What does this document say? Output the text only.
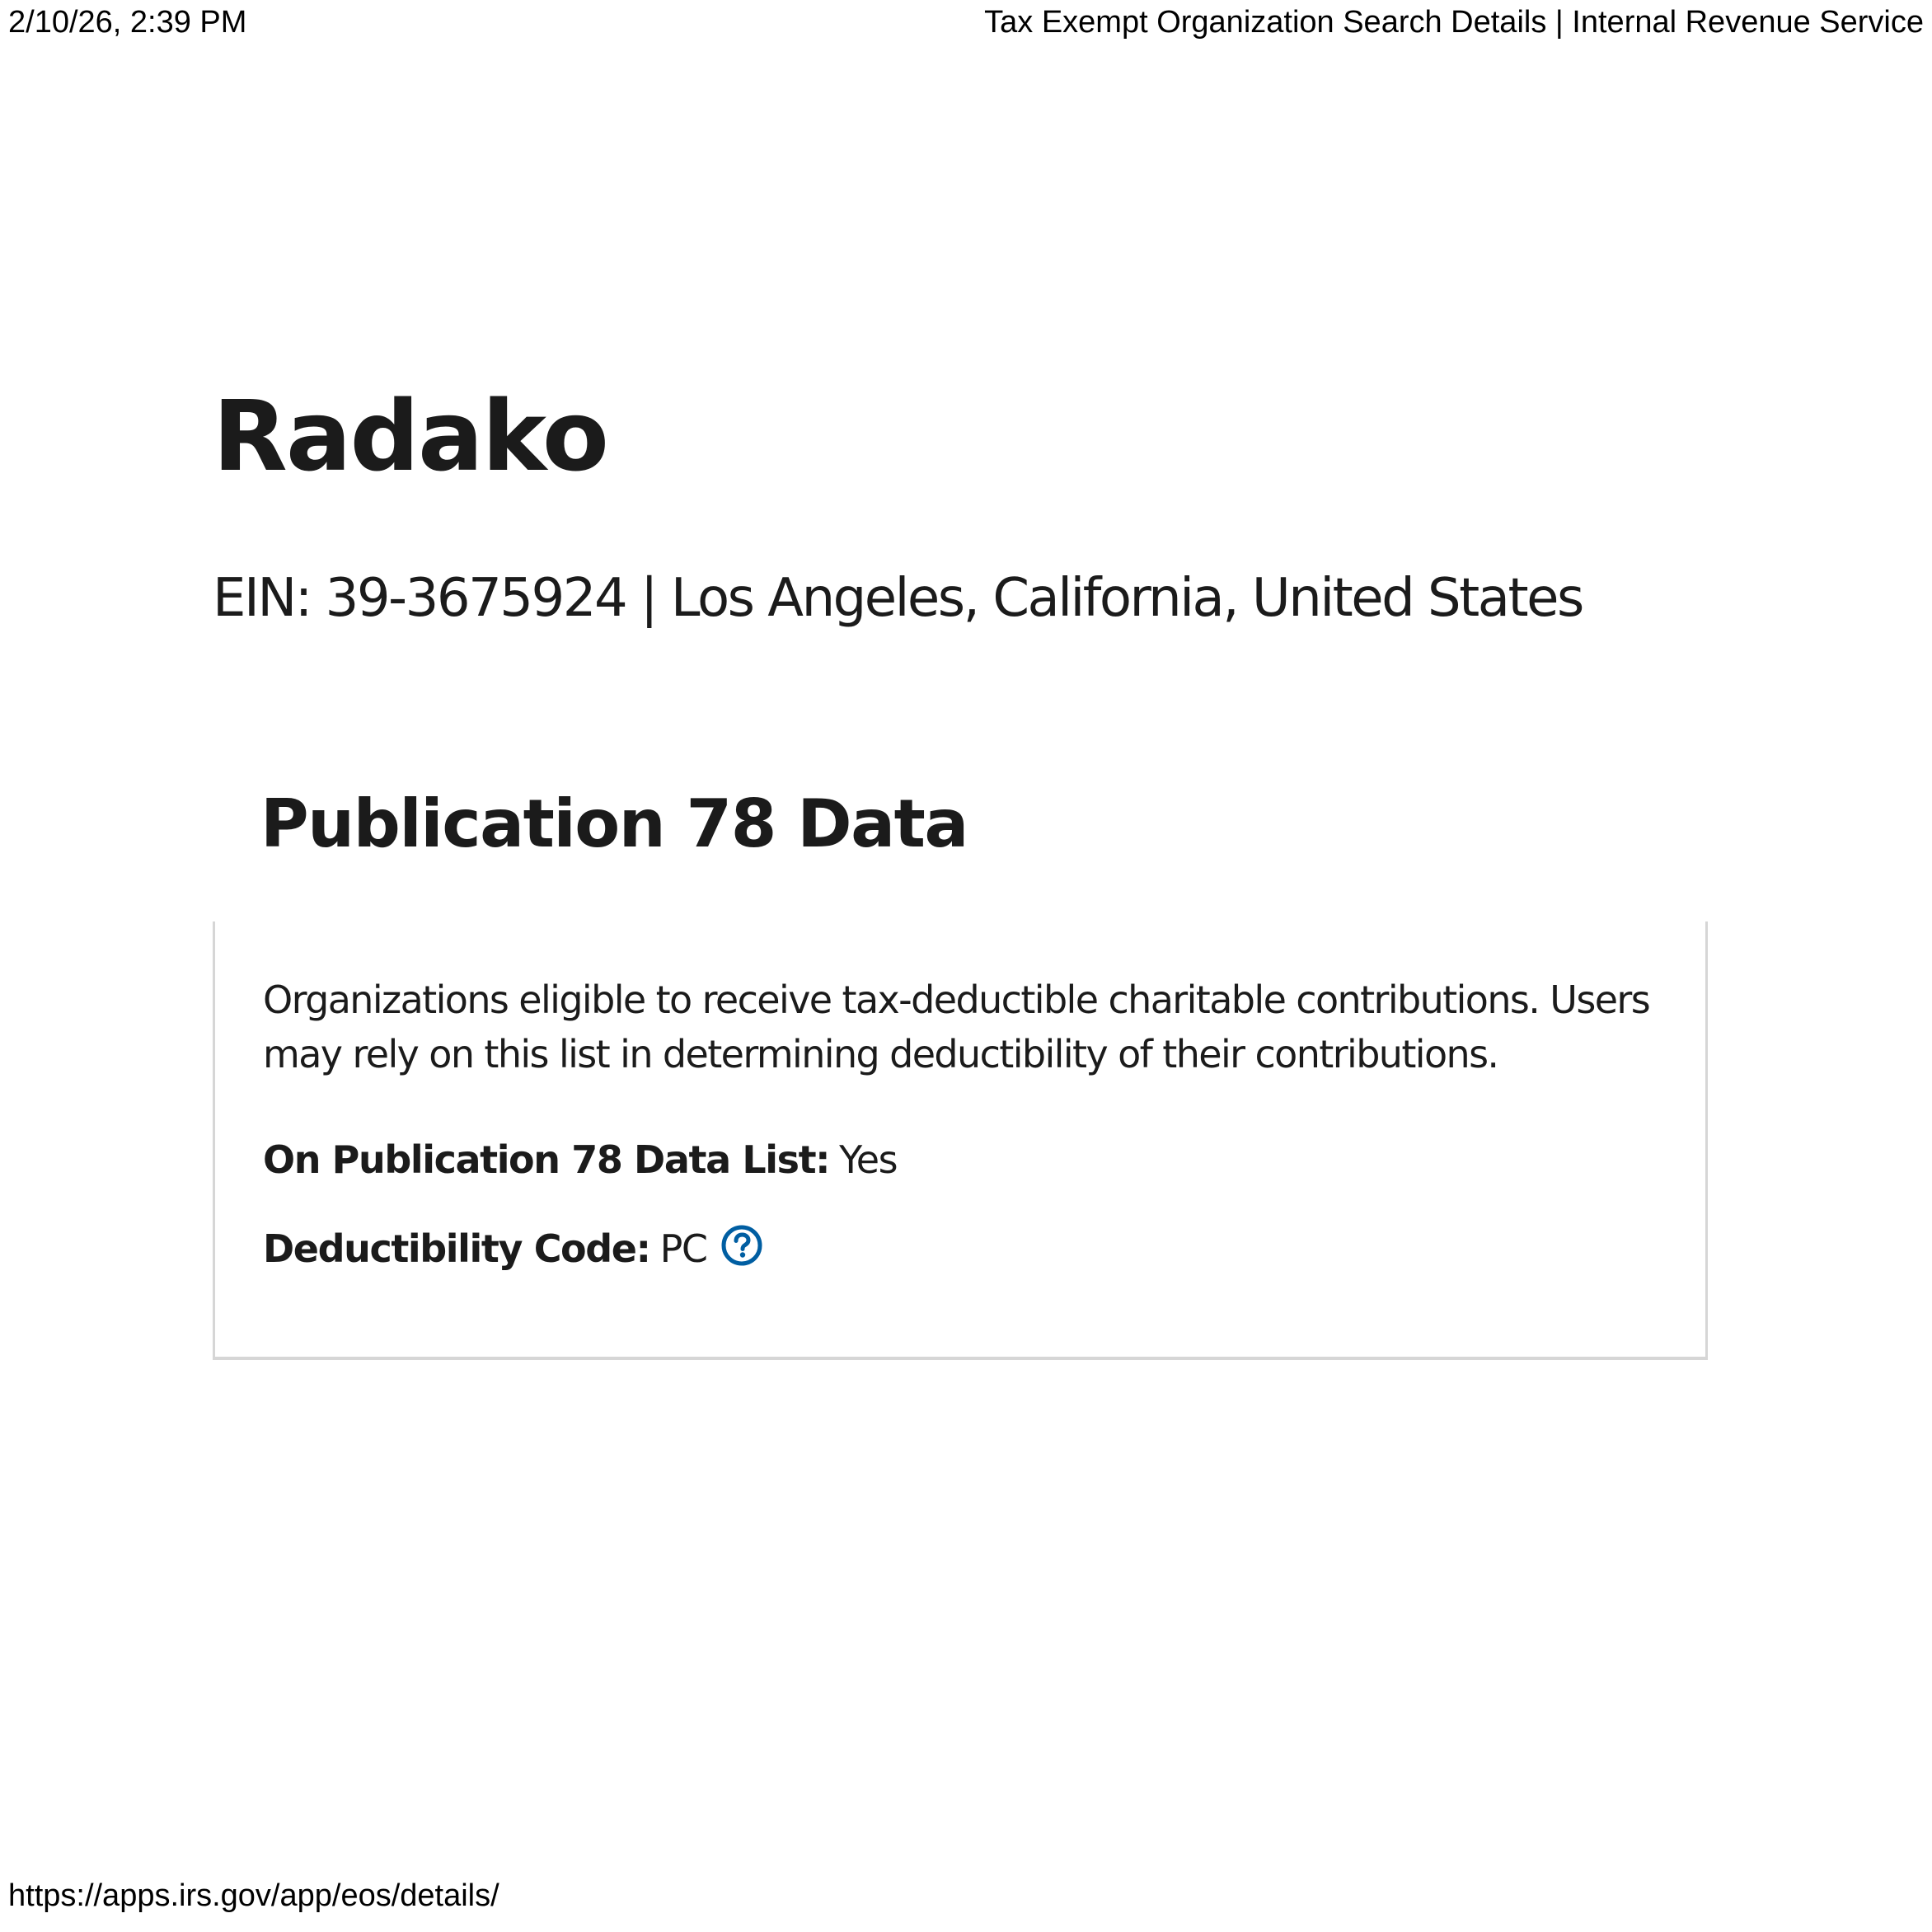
2/10/26, 2:39 PM	Tax Exempt Organization Search Details | Internal Revenue Service
Radako

EIN: 39-3675924 | Los Angeles, California, United States

Publication 78 Data

Organizations eligible to receive tax-deductible charitable contributions. Users may rely on this list in determining deductibility of their contributions.

On Publication 78 Data List: Yes

Deductibility Code: PC

https://apps.irs.gov/app/eos/details/
